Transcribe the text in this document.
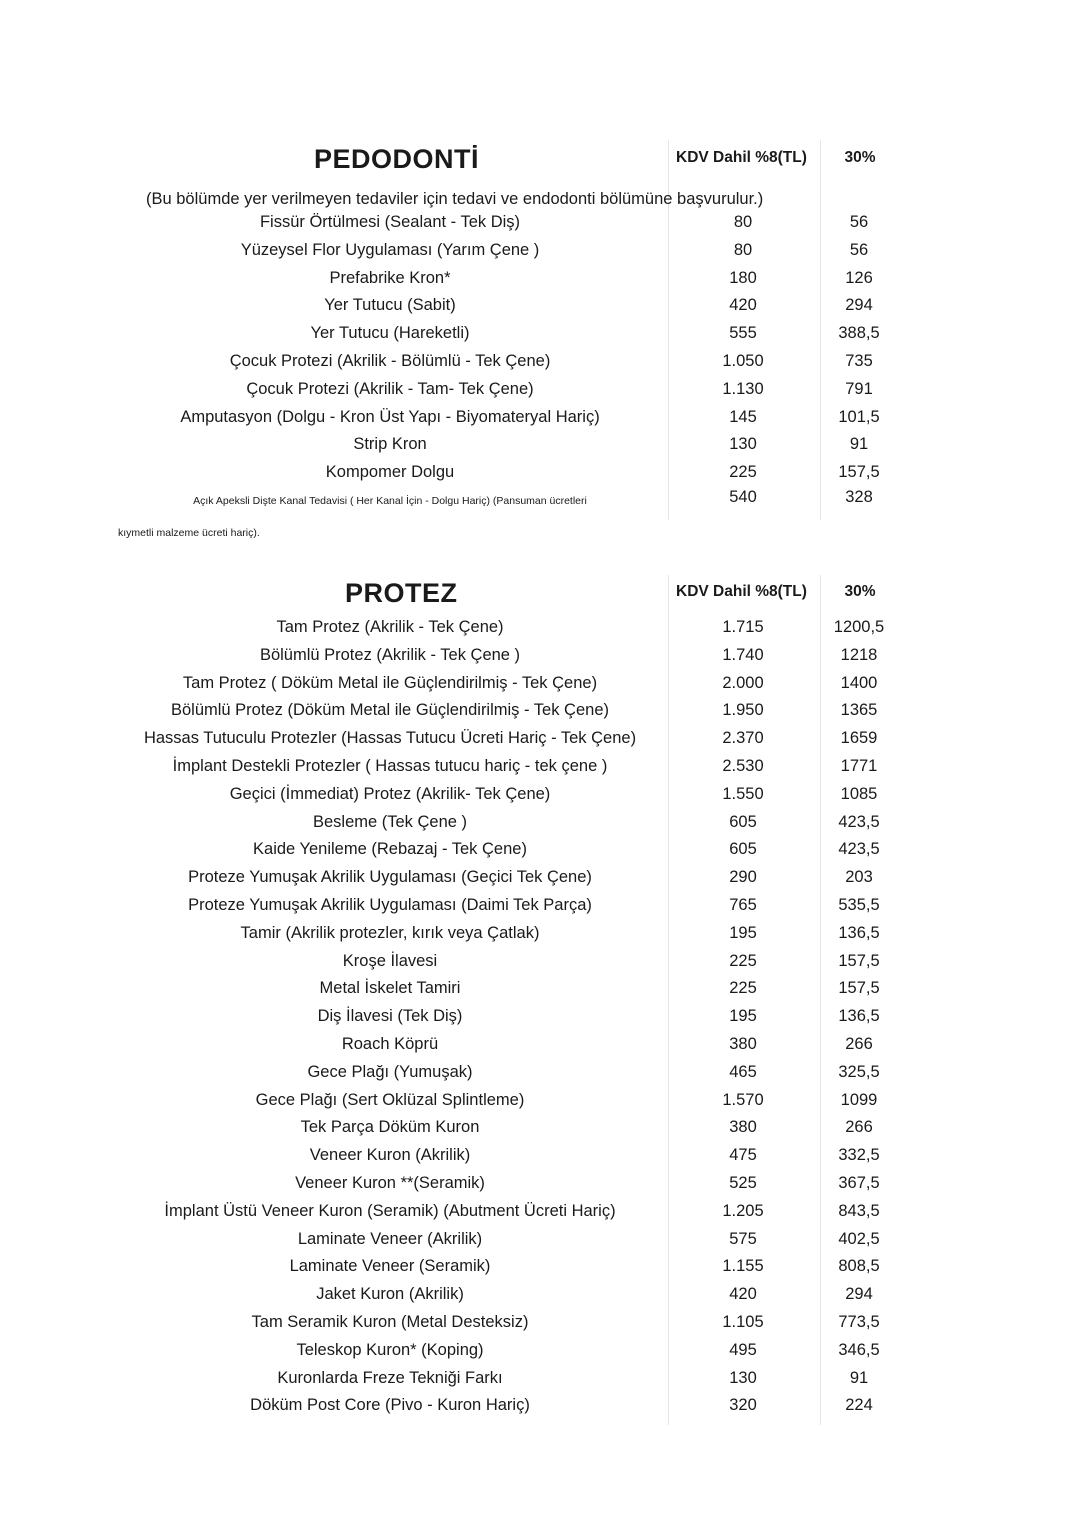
PEDODONTİ	KDV Dahil %8(TL)	30%
(Bu bölümde yer verilmeyen tedaviler için tedavi ve endodonti bölümüne başvurulur.)
Fissür Örtülmesi (Sealant - Tek Diş)	80	56
Yüzeysel Flor Uygulaması (Yarım Çene )	80	56
Prefabrike Kron*	180	126
Yer Tutucu (Sabit)	420	294
Yer Tutucu (Hareketli)	555	388,5
Çocuk Protezi (Akrilik - Bölümlü - Tek Çene)	1.050	735
Çocuk Protezi (Akrilik - Tam- Tek Çene)	1.130	791
Amputasyon (Dolgu - Kron Üst Yapı - Biyomateryal Hariç)	145	101,5
Strip Kron	130	91
Kompomer Dolgu	225	157,5
Açık Apeksli Dişte Kanal Tedavisi ( Her Kanal İçin - Dolgu Hariç) (Pansuman ücretleri	540	328
kıymetli malzeme ücreti hariç).
PROTEZ	KDV Dahil %8(TL)	30%
Tam Protez (Akrilik - Tek Çene)	1.715	1200,5
Bölümlü Protez (Akrilik - Tek Çene )	1.740	1218
Tam Protez ( Döküm Metal ile Güçlendirilmiş - Tek Çene)	2.000	1400
Bölümlü Protez (Döküm Metal ile Güçlendirilmiş - Tek Çene)	1.950	1365
Hassas Tutuculu Protezler (Hassas Tutucu Ücreti Hariç - Tek Çene)	2.370	1659
İmplant Destekli Protezler ( Hassas tutucu hariç - tek çene )	2.530	1771
Geçici (İmmediat) Protez (Akrilik- Tek Çene)	1.550	1085
Besleme (Tek Çene )	605	423,5
Kaide Yenileme (Rebazaj - Tek Çene)	605	423,5
Proteze Yumuşak Akrilik Uygulaması (Geçici Tek Çene)	290	203
Proteze Yumuşak Akrilik Uygulaması (Daimi Tek Parça)	765	535,5
Tamir (Akrilik protezler, kırık veya Çatlak)	195	136,5
Kroşe İlavesi	225	157,5
Metal İskelet Tamiri	225	157,5
Diş İlavesi (Tek Diş)	195	136,5
Roach Köprü	380	266
Gece Plağı (Yumuşak)	465	325,5
Gece Plağı (Sert Oklüzal Splintleme)	1.570	1099
Tek Parça Döküm Kuron	380	266
Veneer Kuron (Akrilik)	475	332,5
Veneer Kuron **(Seramik)	525	367,5
İmplant Üstü Veneer Kuron (Seramik) (Abutment Ücreti Hariç)	1.205	843,5
Laminate Veneer (Akrilik)	575	402,5
Laminate Veneer (Seramik)	1.155	808,5
Jaket Kuron (Akrilik)	420	294
Tam Seramik Kuron (Metal Desteksiz)	1.105	773,5
Teleskop Kuron* (Koping)	495	346,5
Kuronlarda Freze Tekniği Farkı	130	91
Döküm Post Core (Pivo - Kuron Hariç)	320	224
